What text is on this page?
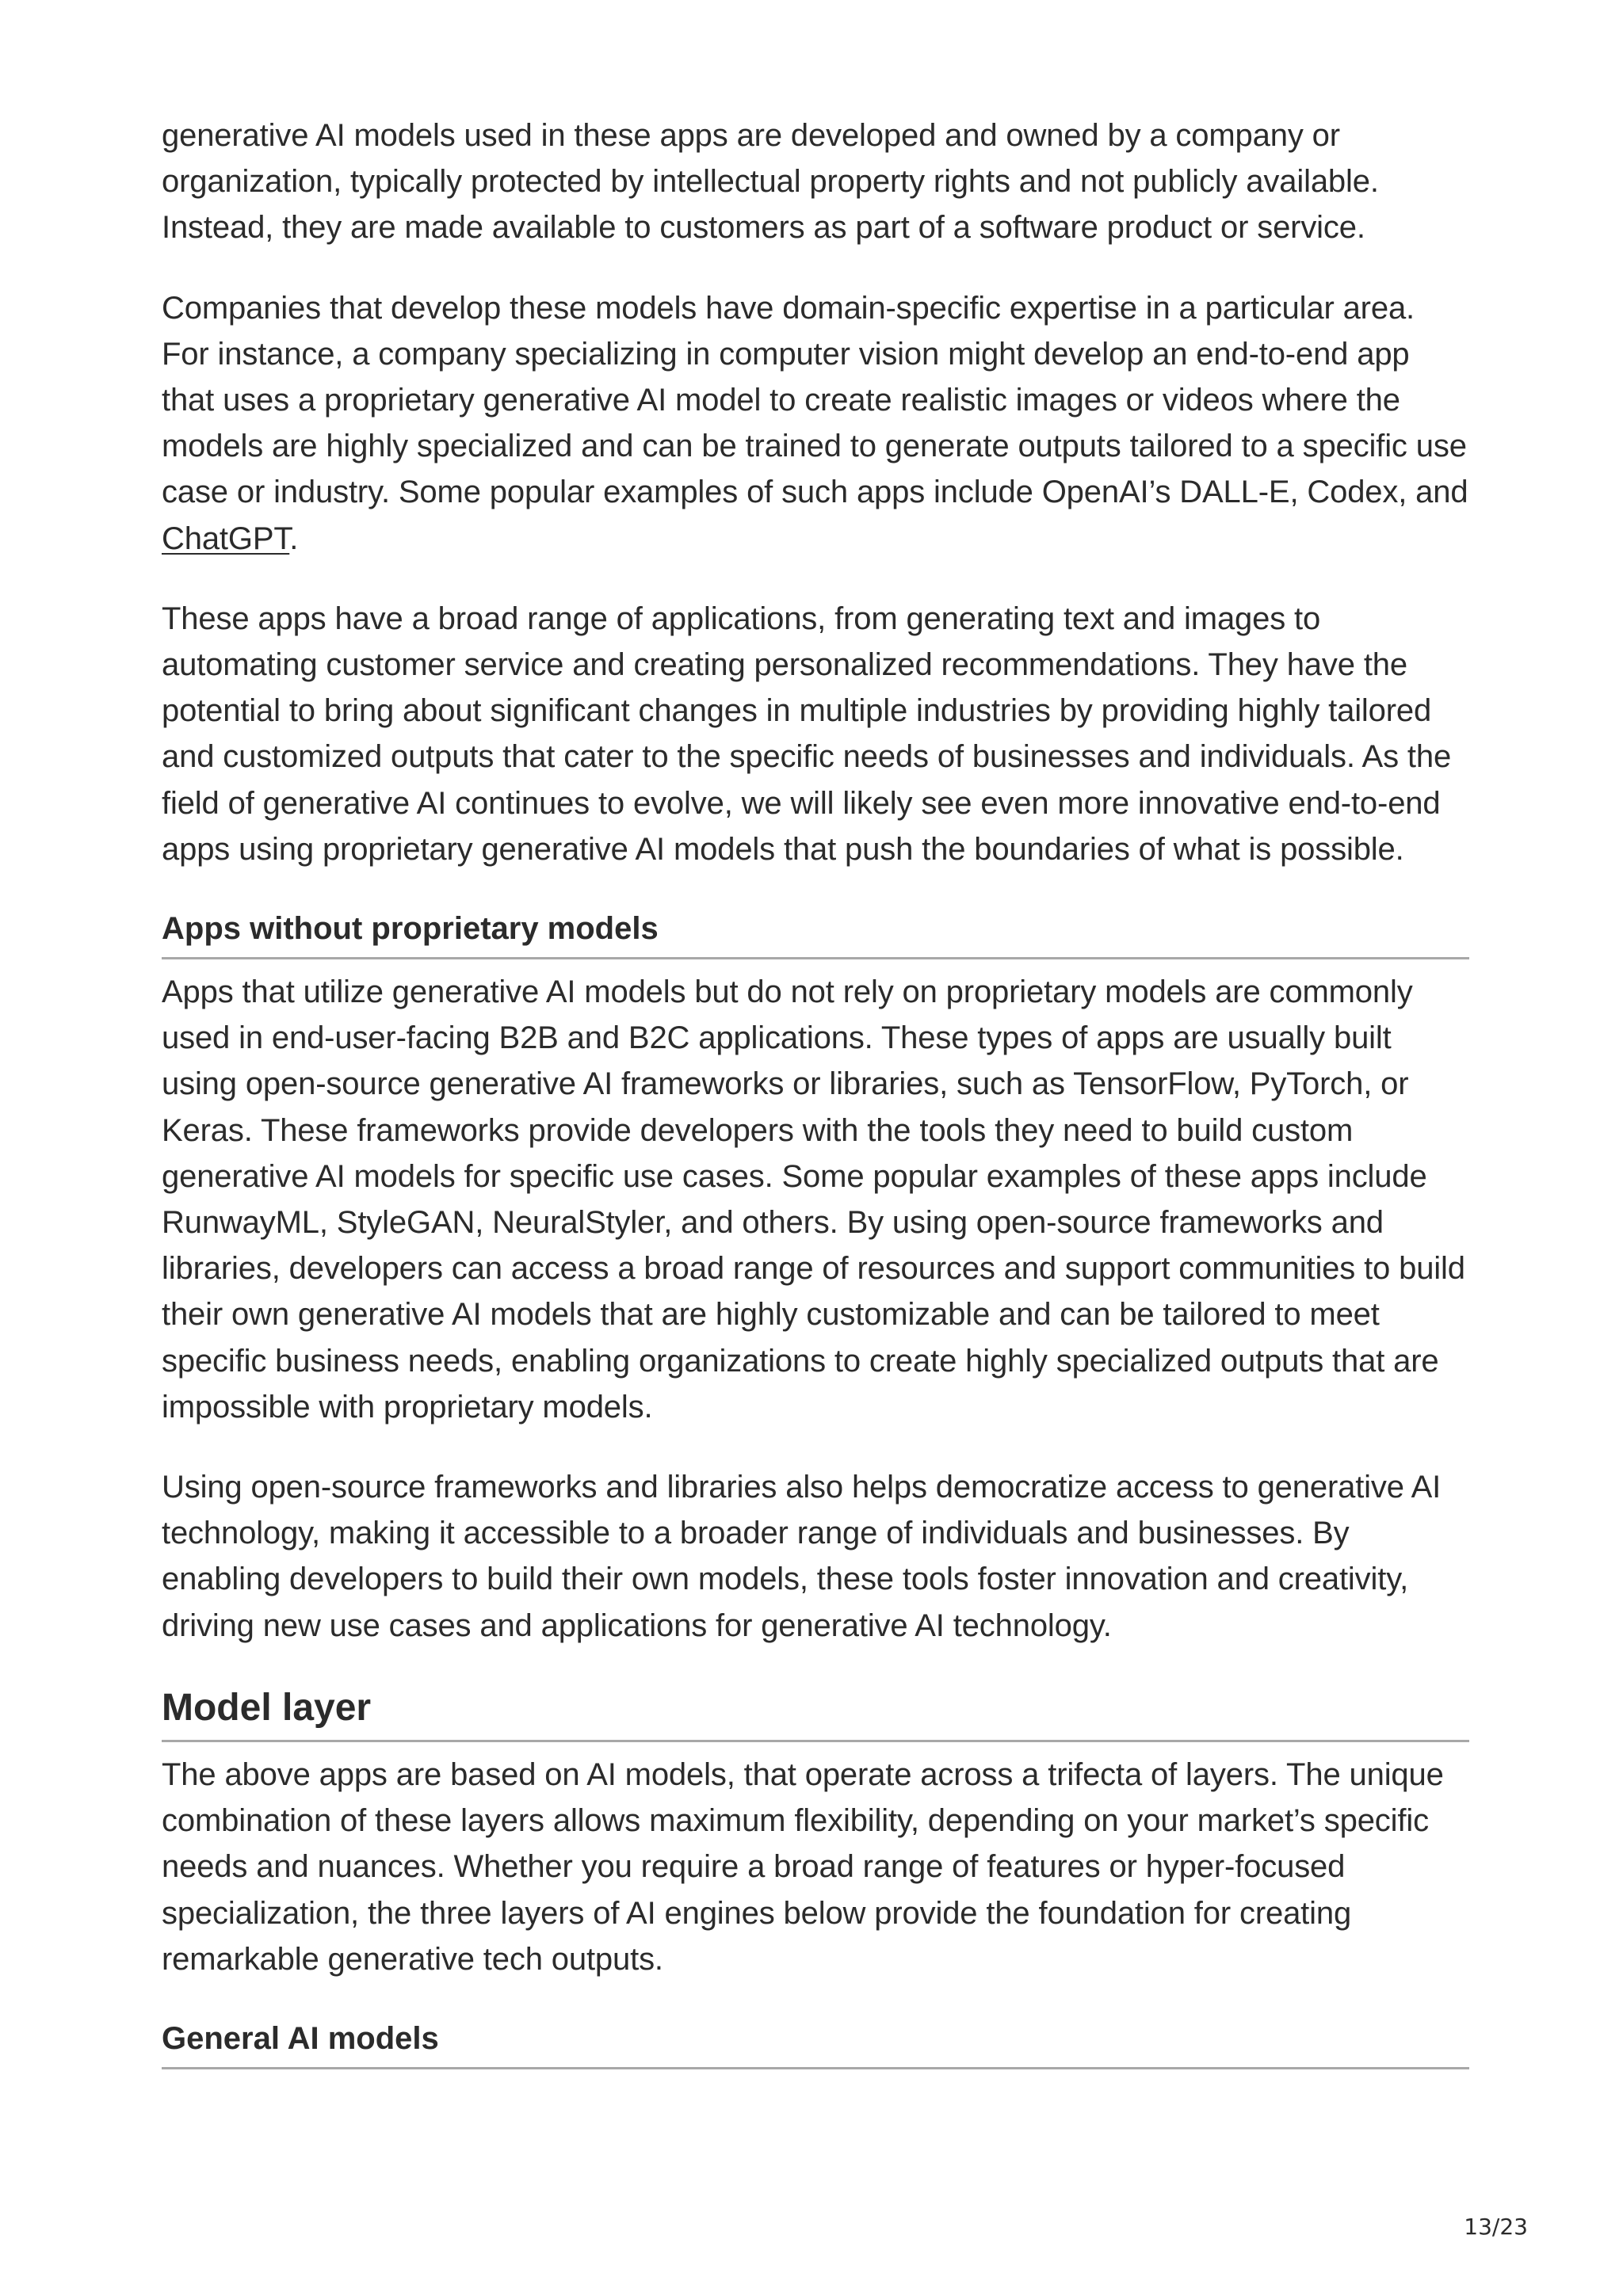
generative AI models used in these apps are developed and owned by a company or organization, typically protected by intellectual property rights and not publicly available. Instead, they are made available to customers as part of a software product or service.

Companies that develop these models have domain-specific expertise in a particular area. For instance, a company specializing in computer vision might develop an end-to-end app that uses a proprietary generative AI model to create realistic images or videos where the models are highly specialized and can be trained to generate outputs tailored to a specific use case or industry. Some popular examples of such apps include OpenAI’s DALL-E, Codex, and ChatGPT.

These apps have a broad range of applications, from generating text and images to automating customer service and creating personalized recommendations. They have the potential to bring about significant changes in multiple industries by providing highly tailored and customized outputs that cater to the specific needs of businesses and individuals. As the field of generative AI continues to evolve, we will likely see even more innovative end-to-end apps using proprietary generative AI models that push the boundaries of what is possible.

Apps without proprietary models

Apps that utilize generative AI models but do not rely on proprietary models are commonly used in end-user-facing B2B and B2C applications. These types of apps are usually built using open-source generative AI frameworks or libraries, such as TensorFlow, PyTorch, or Keras. These frameworks provide developers with the tools they need to build custom generative AI models for specific use cases. Some popular examples of these apps include RunwayML, StyleGAN, NeuralStyler, and others. By using open-source frameworks and libraries, developers can access a broad range of resources and support communities to build their own generative AI models that are highly customizable and can be tailored to meet specific business needs, enabling organizations to create highly specialized outputs that are impossible with proprietary models.

Using open-source frameworks and libraries also helps democratize access to generative AI technology, making it accessible to a broader range of individuals and businesses. By enabling developers to build their own models, these tools foster innovation and creativity, driving new use cases and applications for generative AI technology.

Model layer

The above apps are based on AI models, that operate across a trifecta of layers. The unique combination of these layers allows maximum flexibility, depending on your market’s specific needs and nuances. Whether you require a broad range of features or hyper-focused specialization, the three layers of AI engines below provide the foundation for creating remarkable generative tech outputs.

General AI models
13/23
